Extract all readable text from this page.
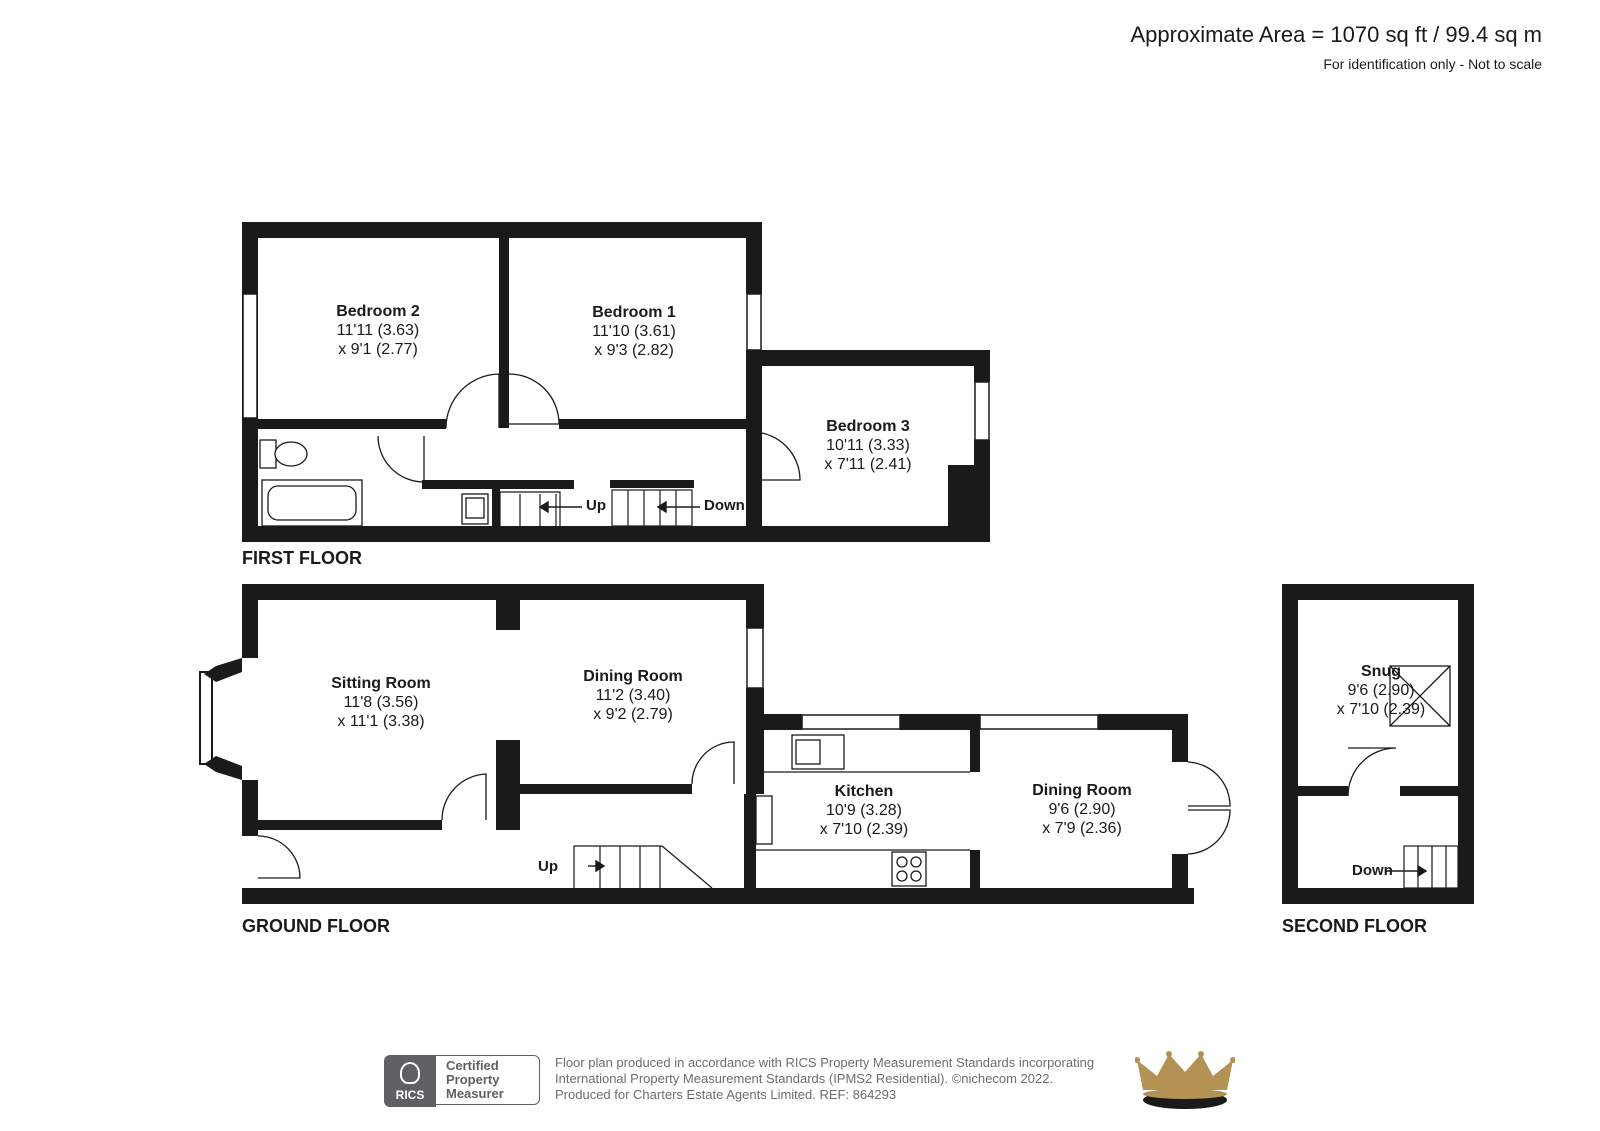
Approximate Area = 1070 sq ft / 99.4 sq m
For identification only - Not to scale
Bedroom 2
11'11 (3.63)
x 9'1 (2.77)
Bedroom 1
11'10 (3.61)
x 9'3 (2.82)
Bedroom 3
10'11 (3.33)
x 7'11 (2.41)
Sitting Room
11'8 (3.56)
x 11'1 (3.38)
Dining Room
11'2 (3.40)
x 9'2 (2.79)
Kitchen
10'9 (3.28)
x 7'10 (2.39)
Dining Room
9'6 (2.90)
x 7'9 (2.36)
Snug
9'6 (2.90)
x 7'10 (2.39)
Up	Down
Up	Down
FIRST FLOOR
GROUND FLOOR	SECOND FLOOR
RICS
Certified
Property
Measurer
Floor plan produced in accordance with RICS Property Measurement Standards incorporating
International Property Measurement Standards (IPMS2 Residential). ©nichecom 2022.
Produced for Charters Estate Agents Limited. REF: 864293
